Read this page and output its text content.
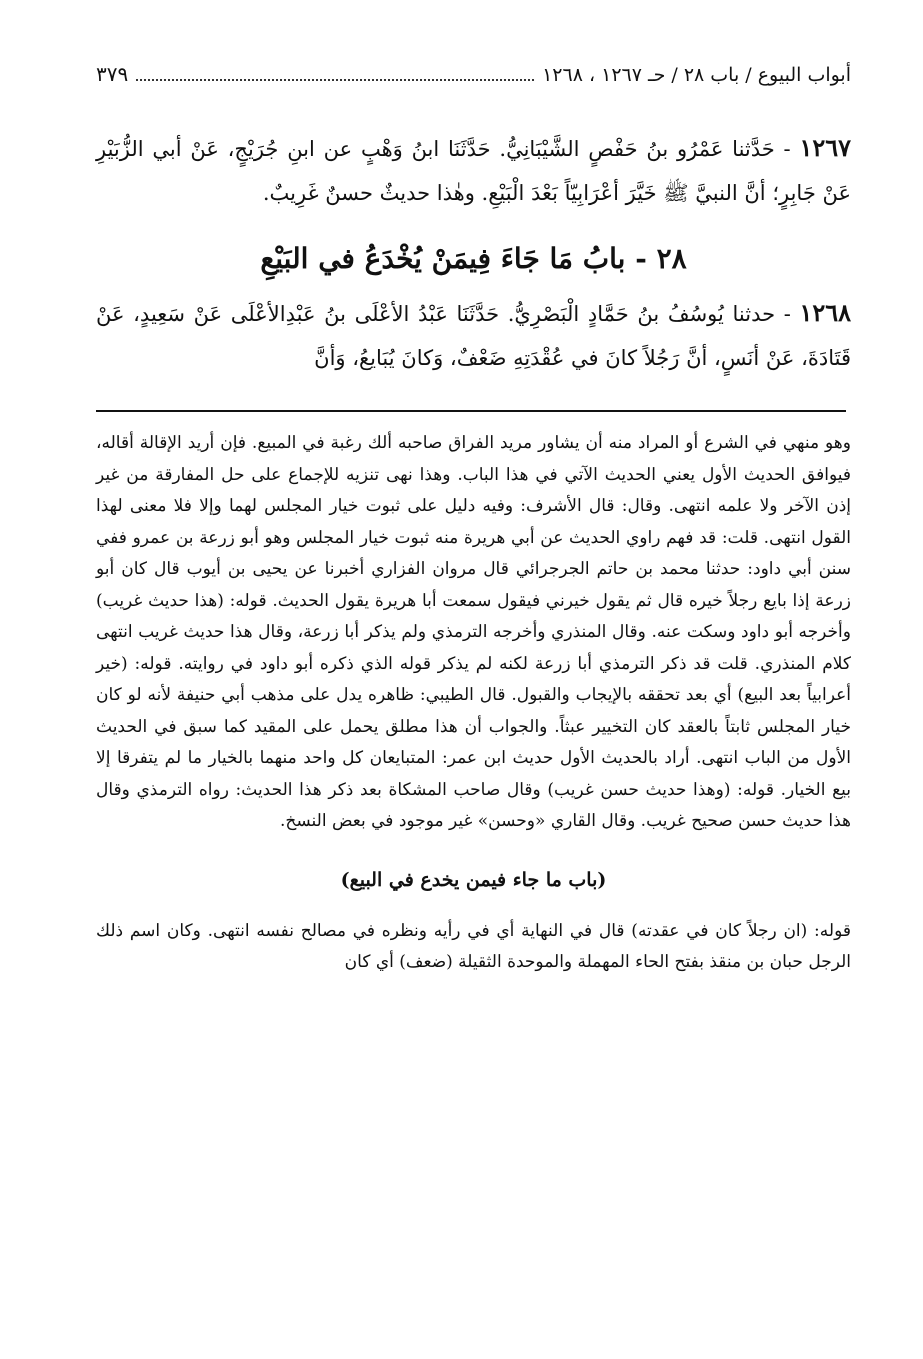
أبواب البيوع / باب ٢٨ / حـ ١٢٦٧ ، ١٢٦٨
٣٧٩
١٢٦٧ - حَدَّثنا عَمْرُو بنُ حَفْصٍ الشَّيْبَانِيُّ. حَدَّثَنَا ابنُ وَهْبٍ عن ابنِ جُرَيْجٍ، عَنْ أبي الزُّبَيْرِ عَنْ جَابِرٍ؛ أنَّ النبيَّ ﷺ خَيَّرَ أعْرَابِيّاً بَعْدَ الْبَيْعِ. وهٰذا حديثٌ حسنٌ غَرِيبٌ.
٢٨ - بابُ مَا جَاءَ فِيمَنْ يُخْدَعُ في البَيْعِ
١٢٦٨ - حدثنا يُوسُفُ بنُ حَمَّادٍ الْبَصْرِيُّ. حَدَّثَنَا عَبْدُ الأعْلَى بنُ عَبْدِالأعْلَى عَنْ سَعِيدٍ، عَنْ قَتَادَةَ، عَنْ أنَسٍ، أنَّ رَجُلاً كانَ في عُقْدَتِهِ ضَعْفٌ، وَكانَ يُبَايعُ، وَأنَّ

وهو منهي في الشرع أو المراد منه أن يشاور مريد الفراق صاحبه ألك رغبة في المبيع. فإن أريد الإقالة أقاله، فيوافق الحديث الأول يعني الحديث الآتي في هذا الباب. وهذا نهى تنزيه للإجماع على حل المفارقة من غير إذن الآخر ولا علمه انتهى. وقال: قال الأشرف: وفيه دليل على ثبوت خيار المجلس لهما وإلا فلا معنى لهذا القول انتهى. قلت: قد فهم راوي الحديث عن أبي هريرة منه ثبوت خيار المجلس وهو أبو زرعة بن عمرو ففي سنن أبي داود: حدثنا محمد بن حاتم الجرجرائي قال مروان الفزاري أخبرنا عن يحيى بن أيوب قال كان أبو زرعة إذا بايع رجلاً خيره قال ثم يقول خيرني فيقول سمعت أبا هريرة يقول الحديث. قوله: (هذا حديث غريب) وأخرجه أبو داود وسكت عنه. وقال المنذري وأخرجه الترمذي ولم يذكر أبا زرعة، وقال هذا حديث غريب انتهى كلام المنذري. قلت قد ذكر الترمذي أبا زرعة لكنه لم يذكر قوله الذي ذكره أبو داود في روايته. قوله: (خير أعرابياً بعد البيع) أي بعد تحققه بالإيجاب والقبول. قال الطيبي: ظاهره يدل على مذهب أبي حنيفة لأنه لو كان خيار المجلس ثابتاً بالعقد كان التخيير عبثاً. والجواب أن هذا مطلق يحمل على المقيد كما سبق في الحديث الأول من الباب انتهى. أراد بالحديث الأول حديث ابن عمر: المتبايعان كل واحد منهما بالخيار ما لم يتفرقا إلا بيع الخيار. قوله: (وهذا حديث حسن غريب) وقال صاحب المشكاة بعد ذكر هذا الحديث: رواه الترمذي وقال هذا حديث حسن صحيح غريب. وقال القاري «وحسن» غير موجود في بعض النسخ.

(باب ما جاء فيمن يخدع في البيع)

قوله: (ان رجلاً كان في عقدته) قال في النهاية أي في رأيه ونظره في مصالح نفسه انتهى. وكان اسم ذلك الرجل حبان بن منقذ بفتح الحاء المهملة والموحدة الثقيلة (ضعف) أي كان
